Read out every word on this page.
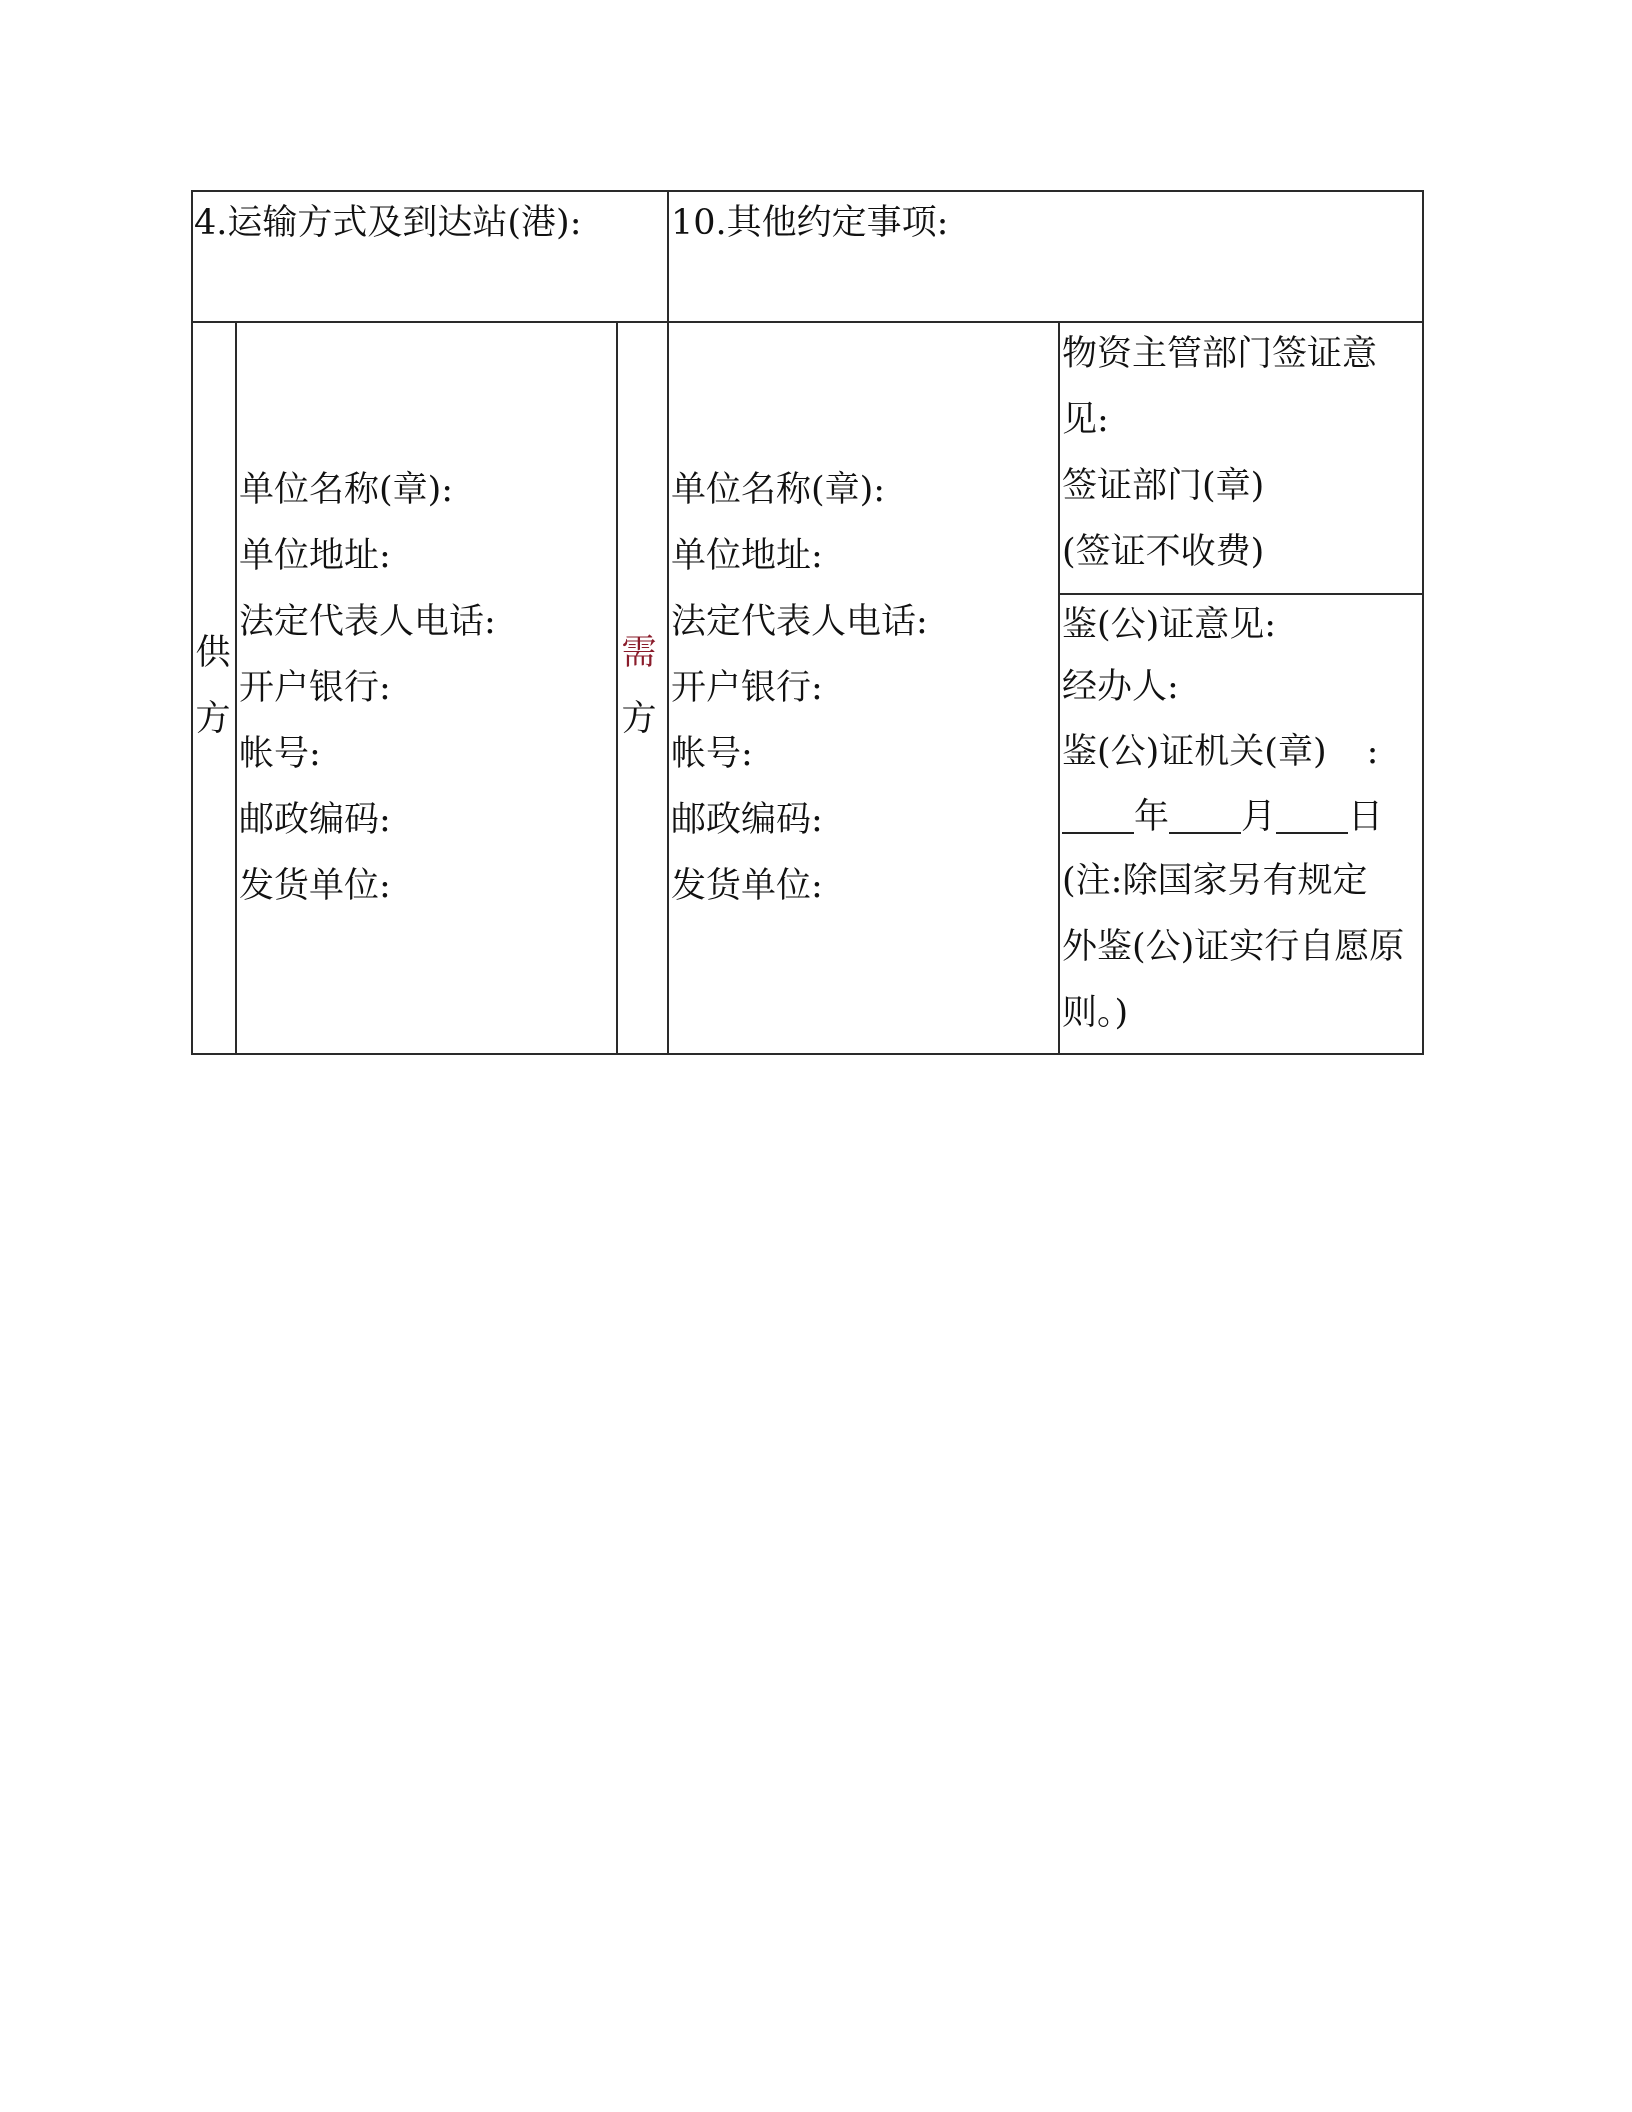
4.运输方式及到达站(港):	10.其他约定事项:
供
方
单位名称(章):
单位地址:
法定代表人电话:
开户银行:
帐号:
邮政编码:
发货单位:
需
方
单位名称(章):
单位地址:
法定代表人电话:
开户银行:
帐号:
邮政编码:
发货单位:
物资主管部门签证意
见:
签证部门(章)
(签证不收费)
鉴(公)证意见:
经办人:
鉴(公)证机关(章) :
年 月 日
(注:除国家另有规定
外鉴(公)证实行自愿原
则。)
